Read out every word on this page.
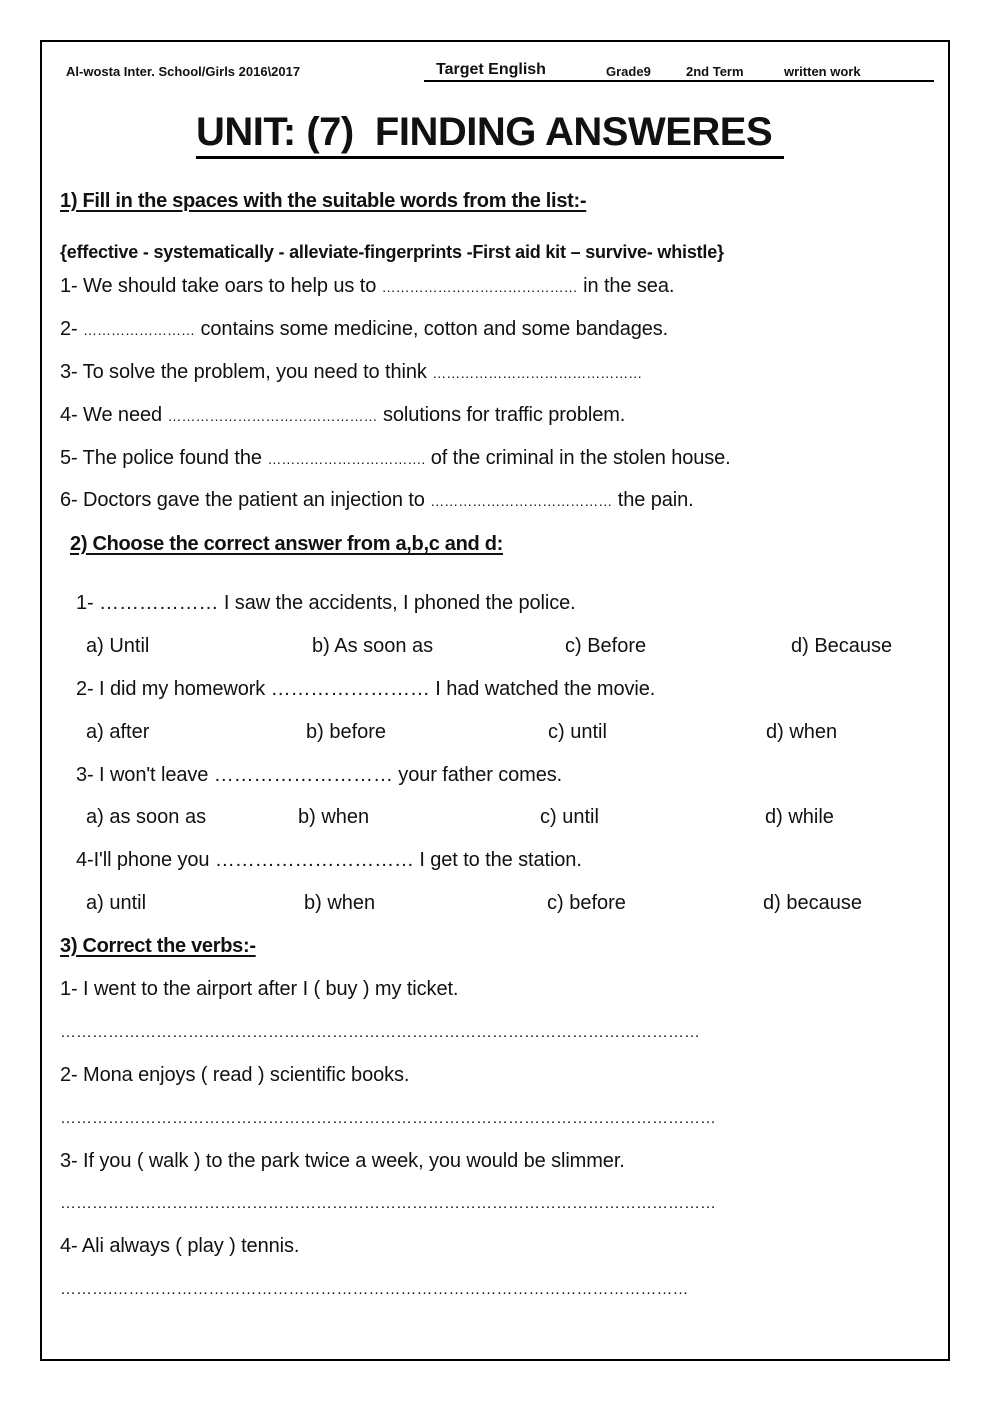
Al-wosta Inter. School/Girls 2016\2017	Target English	Grade9	2nd Term	written work
UNIT: (7)  FINDING ANSWERES
1) Fill in the spaces with the suitable words from the list:-
{effective - systematically - alleviate-fingerprints -First aid kit – survive- whistle}
1- We should take oars to help us to …………………………………… in the sea.
2- …………………… contains some medicine, cotton and some bandages.
3- To solve the problem, you need to think ………………………………………
4- We need ……………………………………… solutions for traffic problem.
5- The police found the ……………………………. of the criminal in the stolen house.
6- Doctors gave the patient an injection to ………………………………… the pain.
2) Choose the correct answer from a,b,c and d:
1- ……………… I saw the accidents, I phoned the police.
a) Until	b) As soon as	c) Before	d) Because
2- I did my homework …………………… I had watched the movie.
a) after	b) before	c) until	d) when
3- I won't leave ……………………… your father comes.
a) as soon as	b) when	c) until	d) while
4-I'll phone you ………………………… I get to the station.
a) until	b) when	c) before	d) because
3) Correct the verbs:-
1- I went to the airport after I ( buy ) my ticket.
…………………………………………………………………………………………………………
2- Mona enjoys ( read ) scientific books.
……………………………………………………………………………………………………………
3- If you ( walk ) to the park twice a week, you would be slimmer.
……………………………………………………………………………………………………………
4- Ali always ( play ) tennis.
……….………………………………………………………………………………………………
